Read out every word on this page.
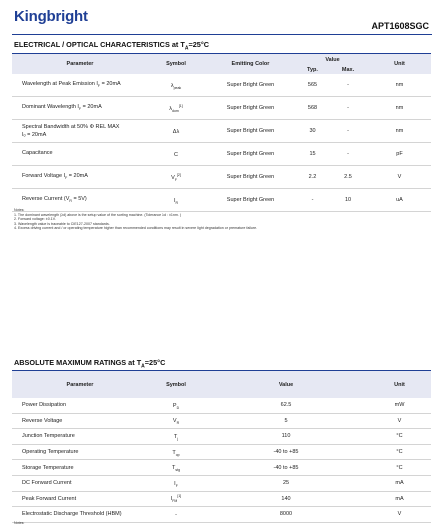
Kingbright
APT1608SGC
ELECTRICAL / OPTICAL CHARACTERISTICS at $T_A=25^\circ C$
Parameter	Symbol	Emitting Color	Value		Unit
			Typ.	Max.	
Wavelength at Peak Emission $I_F = 20mA$	$\lambda_{peak}$	Super Bright Green	565	-	nm
Dominant Wavelength $I_F = 20mA$	$\lambda_{dom}[1]$	Super Bright Green	568	-	nm
Spectral Bandwidth at 50% Φ REL MAX
Iₒ = 20mA	Δλ	Super Bright Green	30	-	nm
Capacitance	C	Super Bright Green	15	-	pF
Forward Voltage $I_F = 20mA$	$V_F[2]$	Super Bright Green	2.2	2.5	V
Reverse Current $(V_R = 5V)$	$I_R$	Super Bright Green	-	10	uA
Notes:
1. The dominant wavelength (λd) above is the setup value of the sorting machine. (Tolerance λd : ±1nm. )
2. Forward voltage: ±0.1V.
3. Wavelength value is traceable to CIE127-2007 standards.
4. Excess driving current and / or operating temperature higher than recommended conditions may result in severe light degradation or premature failure.
ABSOLUTE MAXIMUM RATINGS at $T_A=25^\circ C$
Parameter	Symbol	Value	Unit
Power Dissipation	$P_D$	62.5	mW
Reverse Voltage	$V_R$	5	V
Junction Temperature	$T_j$	110	°C
Operating Temperature	$T_{op}$	-40 to +85	°C
Storage Temperature	$T_{stg}$	-40 to +85	°C
DC Forward Current	$I_F$	25	mA
Peak Forward Current	$I_{FM}[1]$	140	mA
Electrostatic Discharge Threshold (HBM)	-	8000	V
Notes:
